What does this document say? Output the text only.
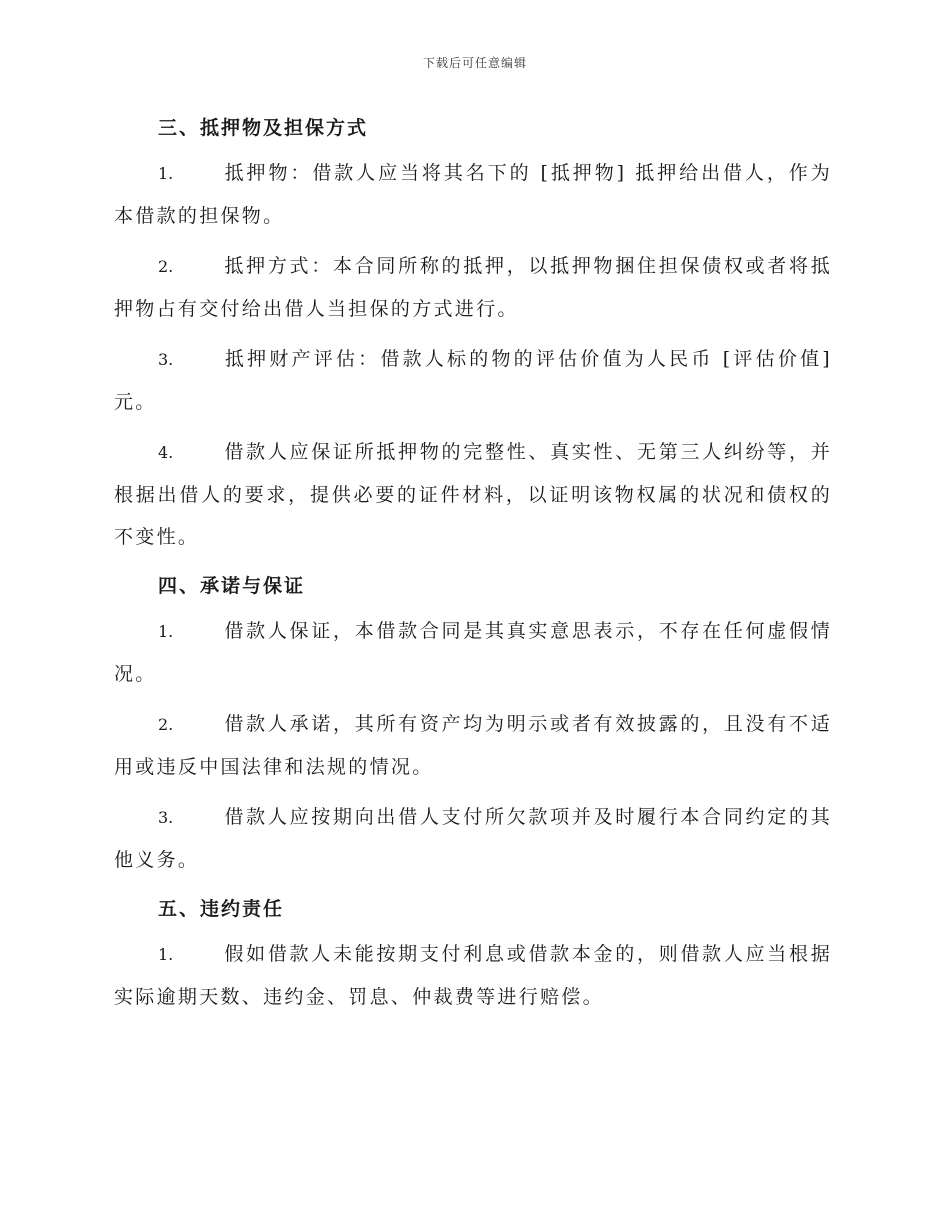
下载后可任意编辑
三、抵押物及担保方式

1.	抵押物：借款人应当将其名下的 [抵押物] 抵押给出借人，作为本借款的担保物。

2.	抵押方式：本合同所称的抵押，以抵押物捆住担保债权或者将抵押物占有交付给出借人当担保的方式进行。

3.	抵押财产评估：借款人标的物的评估价值为人民币 [评估价值] 元。

4.	借款人应保证所抵押物的完整性、真实性、无第三人纠纷等，并根据出借人的要求，提供必要的证件材料，以证明该物权属的状况和债权的不变性。

四、承诺与保证

1.	借款人保证，本借款合同是其真实意思表示，不存在任何虚假情况。

2.	借款人承诺，其所有资产均为明示或者有效披露的，且没有不适用或违反中国法律和法规的情况。

3.	借款人应按期向出借人支付所欠款项并及时履行本合同约定的其他义务。

五、违约责任

1.	假如借款人未能按期支付利息或借款本金的，则借款人应当根据实际逾期天数、违约金、罚息、仲裁费等进行赔偿。
